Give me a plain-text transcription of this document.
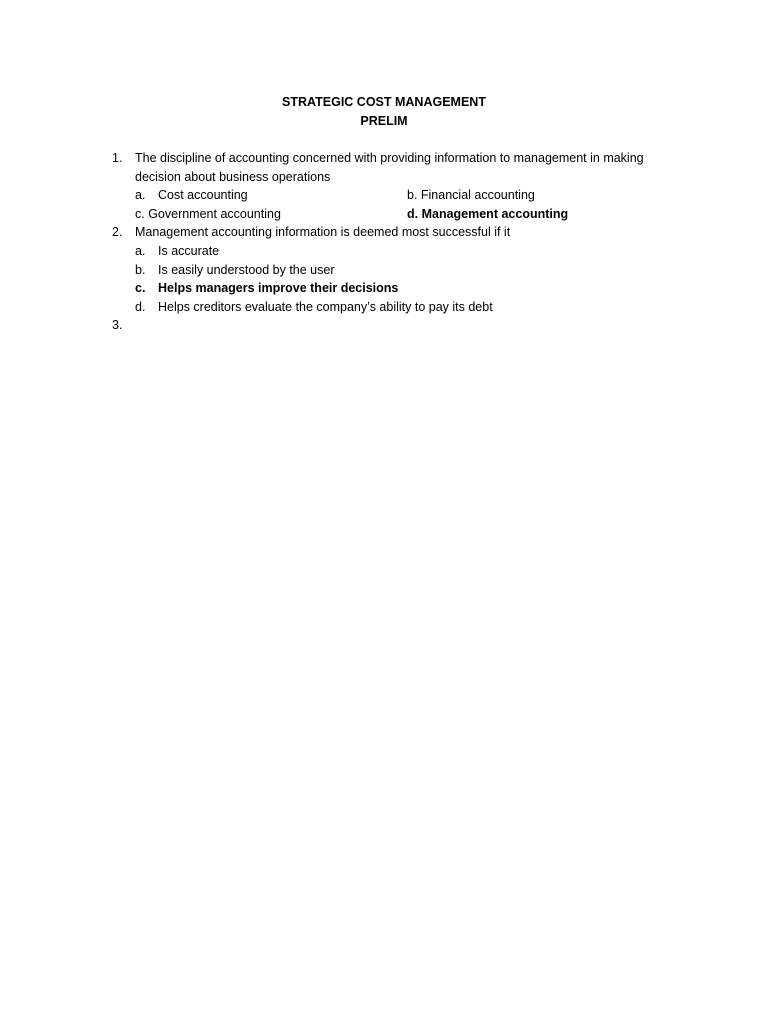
STRATEGIC COST MANAGEMENT
PRELIM
1. The discipline of accounting concerned with providing information to management in making
decision about business operations
a. Cost accounting	b. Financial accounting
c. Government accounting	d. Management accounting
2. Management accounting information is deemed most successful if it
a. Is accurate
b. Is easily understood by the user
c. Helps managers improve their decisions
d. Helps creditors evaluate the company’s ability to pay its debt
3.
